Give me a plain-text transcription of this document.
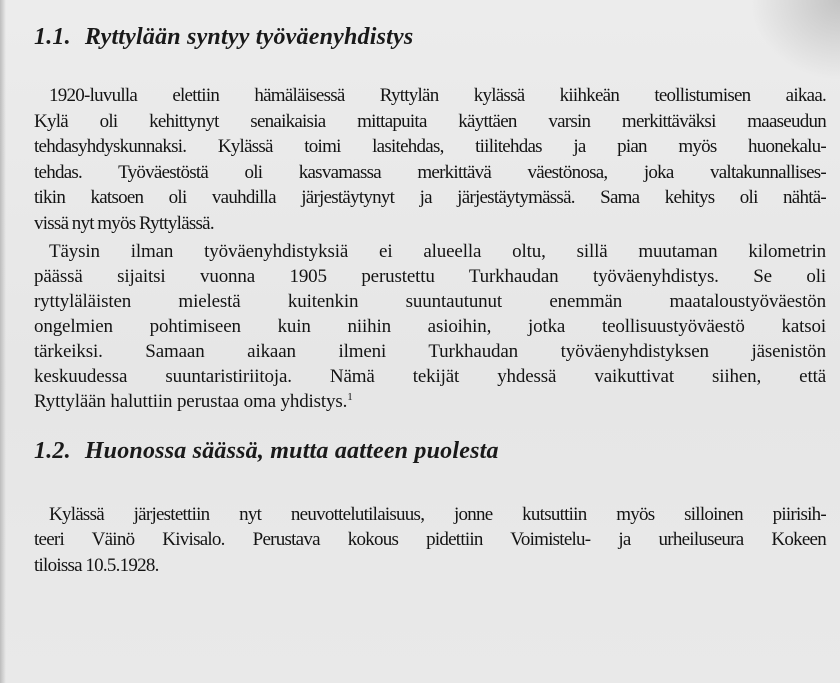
1.1. Ryttylään syntyy työväenyhdistys
1920-luvulla elettiin hämäläisessä Ryttylän kylässä kiihkeän teollistumisen aikaa.
Kylä oli kehittynyt senaikaisia mittapuita käyttäen varsin merkittäväksi maaseudun
tehdasyhdyskunnaksi. Kylässä toimi lasitehdas, tiilitehdas ja pian myös huonekalu-
tehdas. Työväestöstä oli kasvamassa merkittävä väestönosa, joka valtakunnallises-
tikin katsoen oli vauhdilla järjestäytynyt ja järjestäytymässä. Sama kehitys oli nähtä-
vissä nyt myös Ryttylässä.
Täysin ilman työväenyhdistyksiä ei alueella oltu, sillä muutaman kilometrin
päässä sijaitsi vuonna 1905 perustettu Turkhaudan työväenyhdistys. Se oli
ryttyläläisten mielestä kuitenkin suuntautunut enemmän maataloustyöväestön
ongelmien pohtimiseen kuin niihin asioihin, jotka teollisuustyöväestö katsoi
tärkeiksi. Samaan aikaan ilmeni Turkhaudan työväenyhdistyksen jäsenistön
keskuudessa suuntaristiriitoja. Nämä tekijät yhdessä vaikuttivat siihen, että
Ryttylään haluttiin perustaa oma yhdistys.$^1$
1.2. Huonossa säässä, mutta aatteen puolesta
Kylässä järjestettiin nyt neuvottelutilaisuus, jonne kutsuttiin myös silloinen piirisih-
teeri Väinö Kivisalo. Perustava kokous pidettiin Voimistelu- ja urheiluseura Kokeen
tiloissa 10.5.1928.
